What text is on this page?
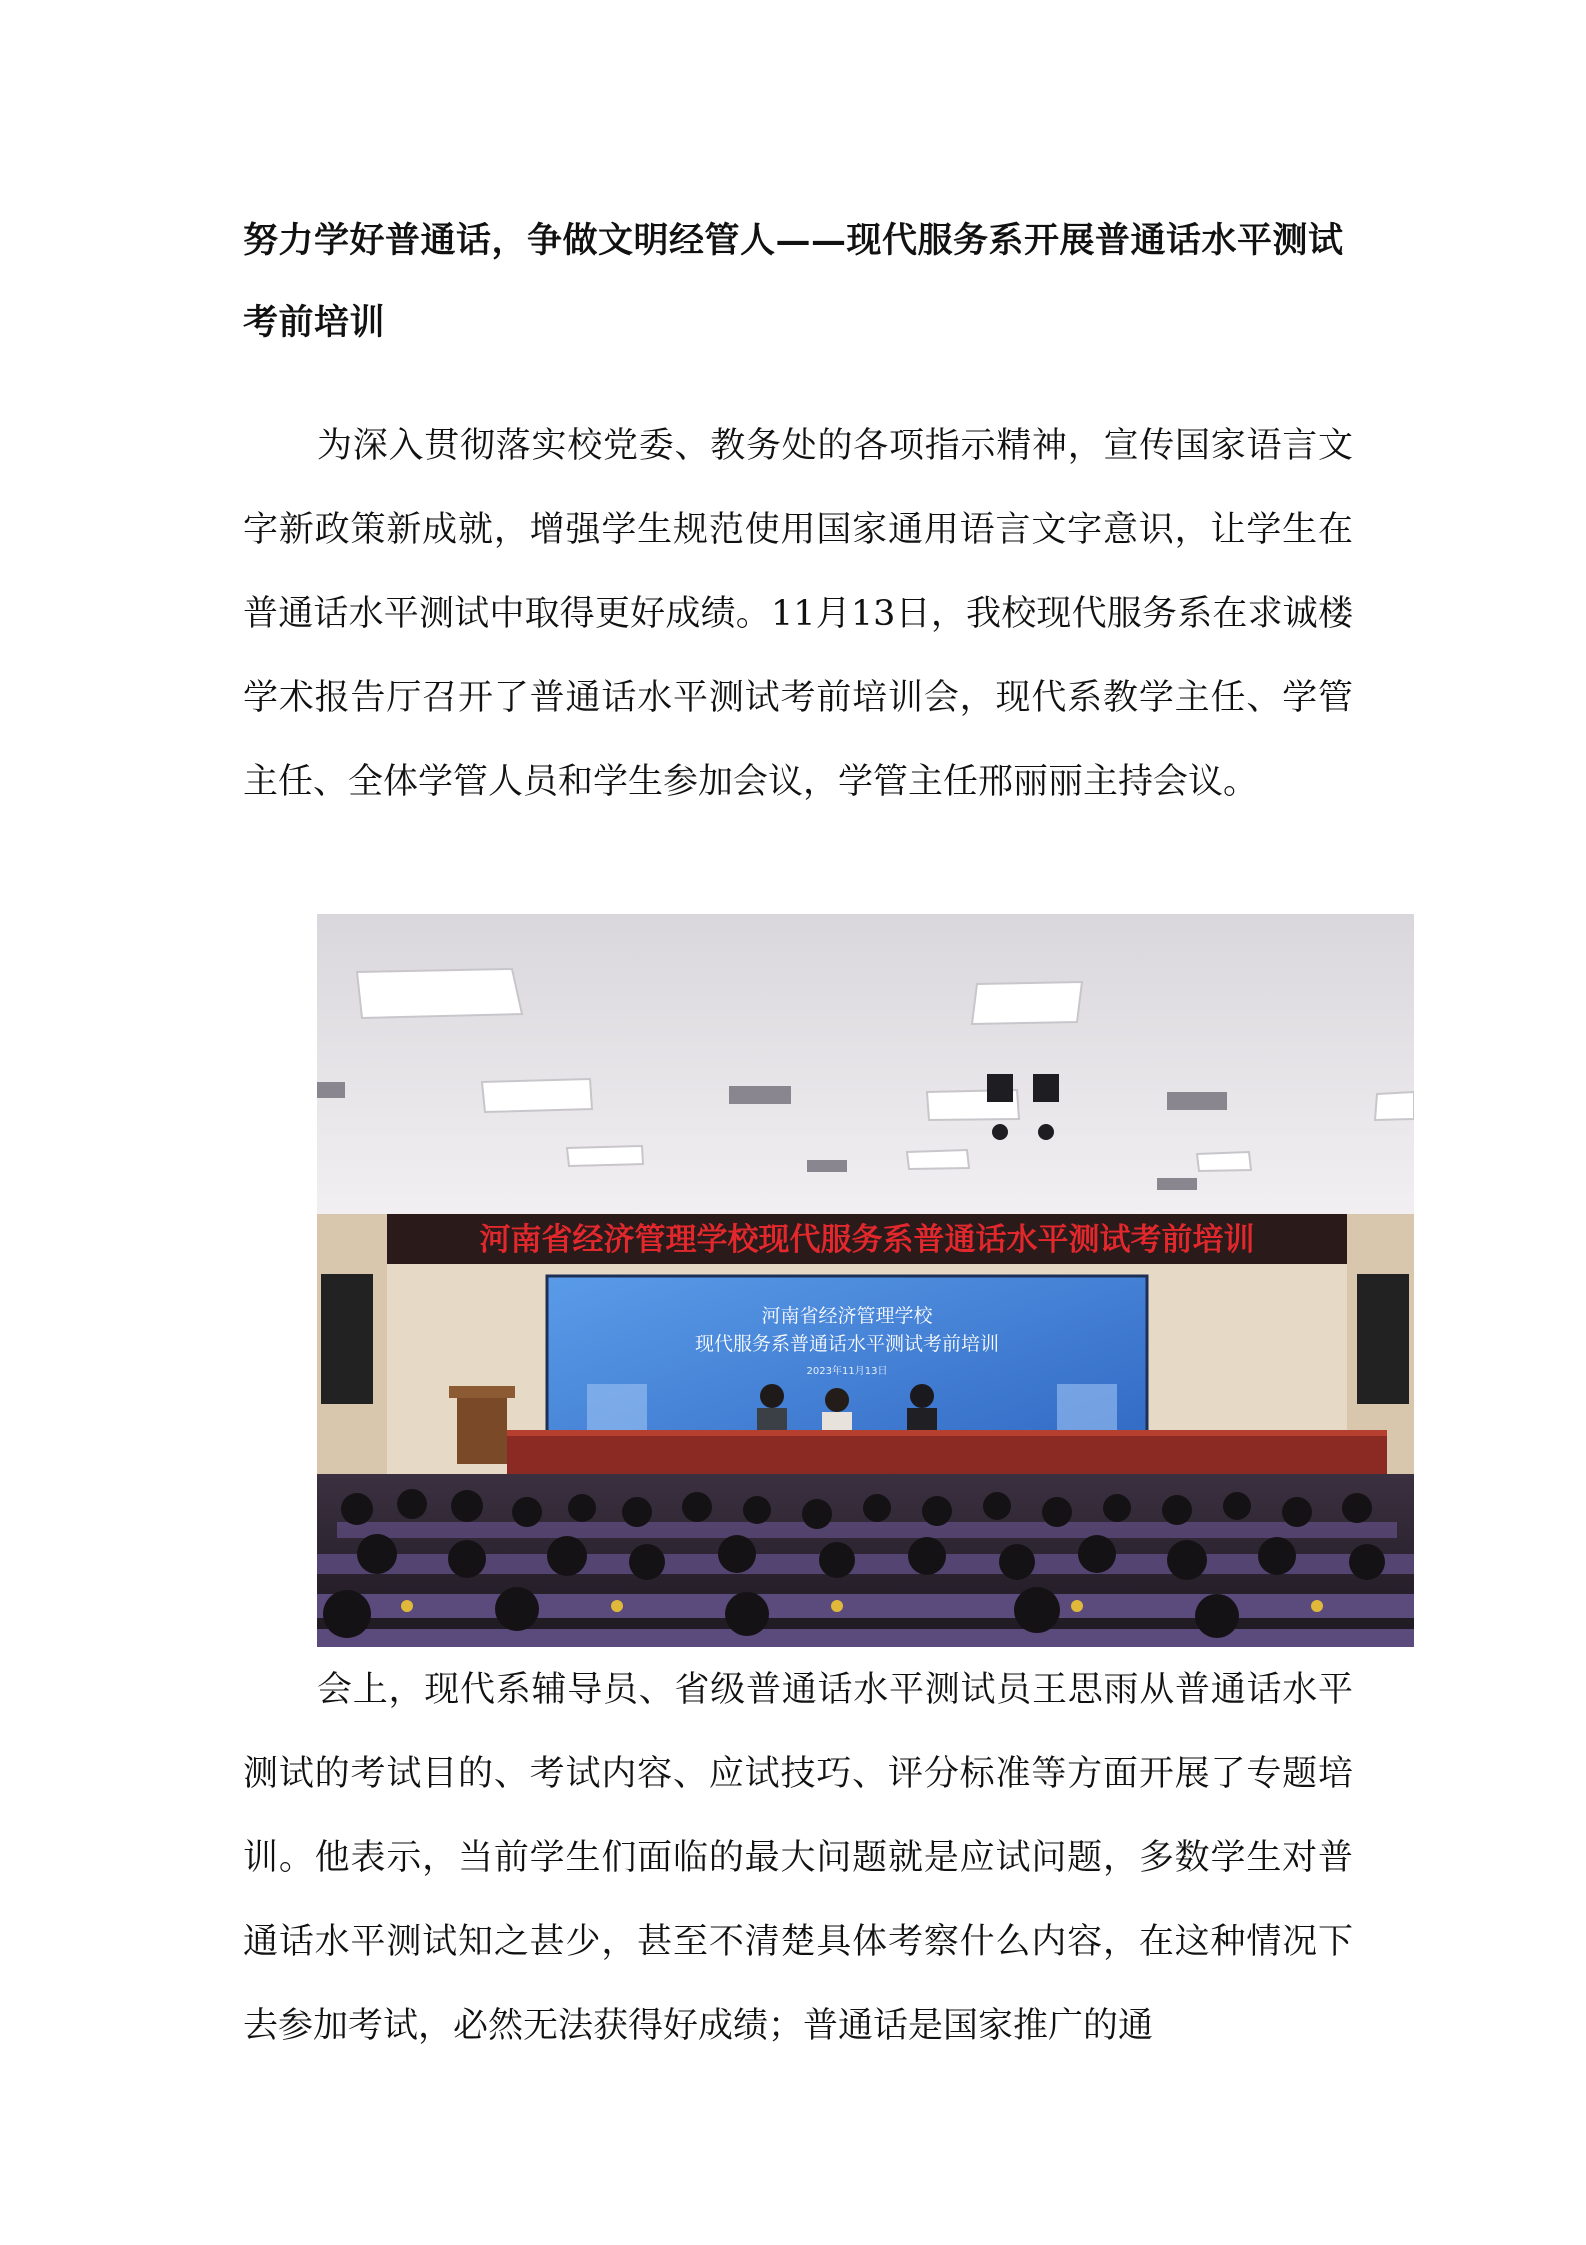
努力学好普通话，争做文明经管人——现代服务系开展普通话水平测试考前培训
为深入贯彻落实校党委、教务处的各项指示精神，宣传国家语言文字新政策新成就，增强学生规范使用国家通用语言文字意识，让学生在普通话水平测试中取得更好成绩。11月13日，我校现代服务系在求诚楼学术报告厅召开了普通话水平测试考前培训会，现代系教学主任、学管主任、全体学管人员和学生参加会议，学管主任邢丽丽主持会议。
河南省经济管理学校现代服务系普通话水平测试考前培训
河南省经济管理学校
现代服务系普通话水平测试考前培训
2023年11月13日
会上，现代系辅导员、省级普通话水平测试员王思雨从普通话水平测试的考试目的、考试内容、应试技巧、评分标准等方面开展了专题培训。他表示，当前学生们面临的最大问题就是应试问题，多数学生对普通话水平测试知之甚少，甚至不清楚具体考察什么内容，在这种情况下去参加考试，必然无法获得好成绩；普通话是国家推广的通
